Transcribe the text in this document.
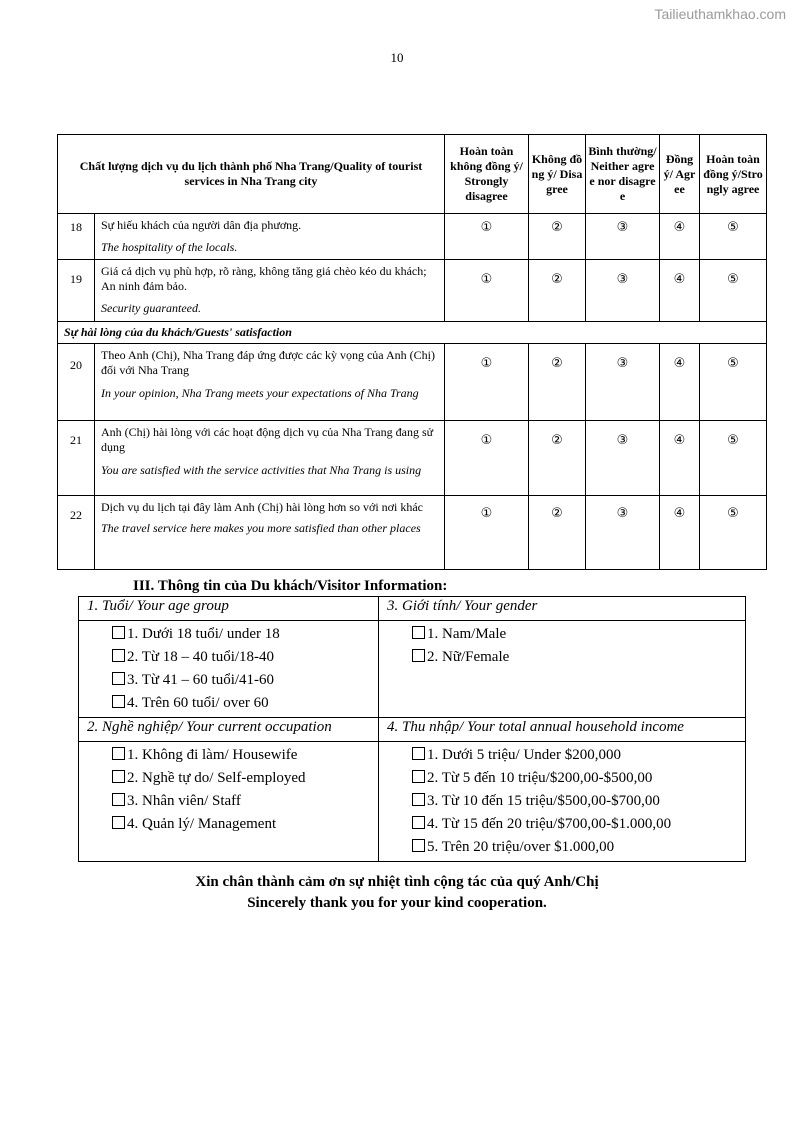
Tailieuthamkhao.com
10
Chất lượng dịch vụ du lịch thành phố Nha Trang/Quality of tourist services in Nha Trang city		Hoàn toàn không đồng ý/ Strongly disagree	Không đồng ý/ Disagree	Bình thường/Neither agree nor disagree	Đồng ý/ Agree	Hoàn toàn đồng ý/Strongly agree
18	Sự hiếu khách của người dân địa phương.
The hospitality of the locals.	①	②	③	④	⑤
19	Giá cả dịch vụ phù hợp, rõ ràng, không tăng giá chèo kéo du khách; An ninh đảm bảo.
Security guaranteed.	①	②	③	④	⑤
Sự hài lòng của du khách/Guests' satisfaction						
20	Theo Anh (Chị), Nha Trang đáp ứng được các kỳ vọng của Anh (Chị) đối với Nha Trang
In your opinion, Nha Trang meets your expectations of Nha Trang	①	②	③	④	⑤
21	Anh (Chị) hài lòng với các hoạt động dịch vụ của Nha Trang đang sử dụng
You are satisfied with the service activities that Nha Trang is using	①	②	③	④	⑤
22	Dịch vụ du lịch tại đây làm Anh (Chị) hài lòng hơn so với nơi khác
The travel service here makes you more satisfied than other places	①	②	③	④	⑤
III. Thông tin của Du khách/Visitor Information:
1. Tuổi/ Your age group	3. Giới tính/ Your gender

1. Dưới 18 tuổi/ under 18
2. Từ 18 – 40 tuổi/18-40
3. Từ 41 – 60 tuổi/41-60
4. Trên 60 tuổi/ over 60	1. Nam/Male
2. Nữ/Female

2. Nghề nghiệp/ Your current occupation	4. Thu nhập/ Your total annual household income

1. Không đi làm/ Housewife
2. Nghề tự do/ Self-employed
3. Nhân viên/ Staff
4. Quản lý/ Management	1. Dưới 5 triệu/ Under $200,000
2. Từ 5 đến 10 triệu/$200,00-$500,00
3. Từ 10 đến 15 triệu/$500,00-$700,00
4. Từ 15 đến 20 triệu/$700,00-$1.000,00
5. Trên 20 triệu/over $1.000,00
Xin chân thành cảm ơn sự nhiệt tình cộng tác của quý Anh/Chị
Sincerely thank you for your kind cooperation.
